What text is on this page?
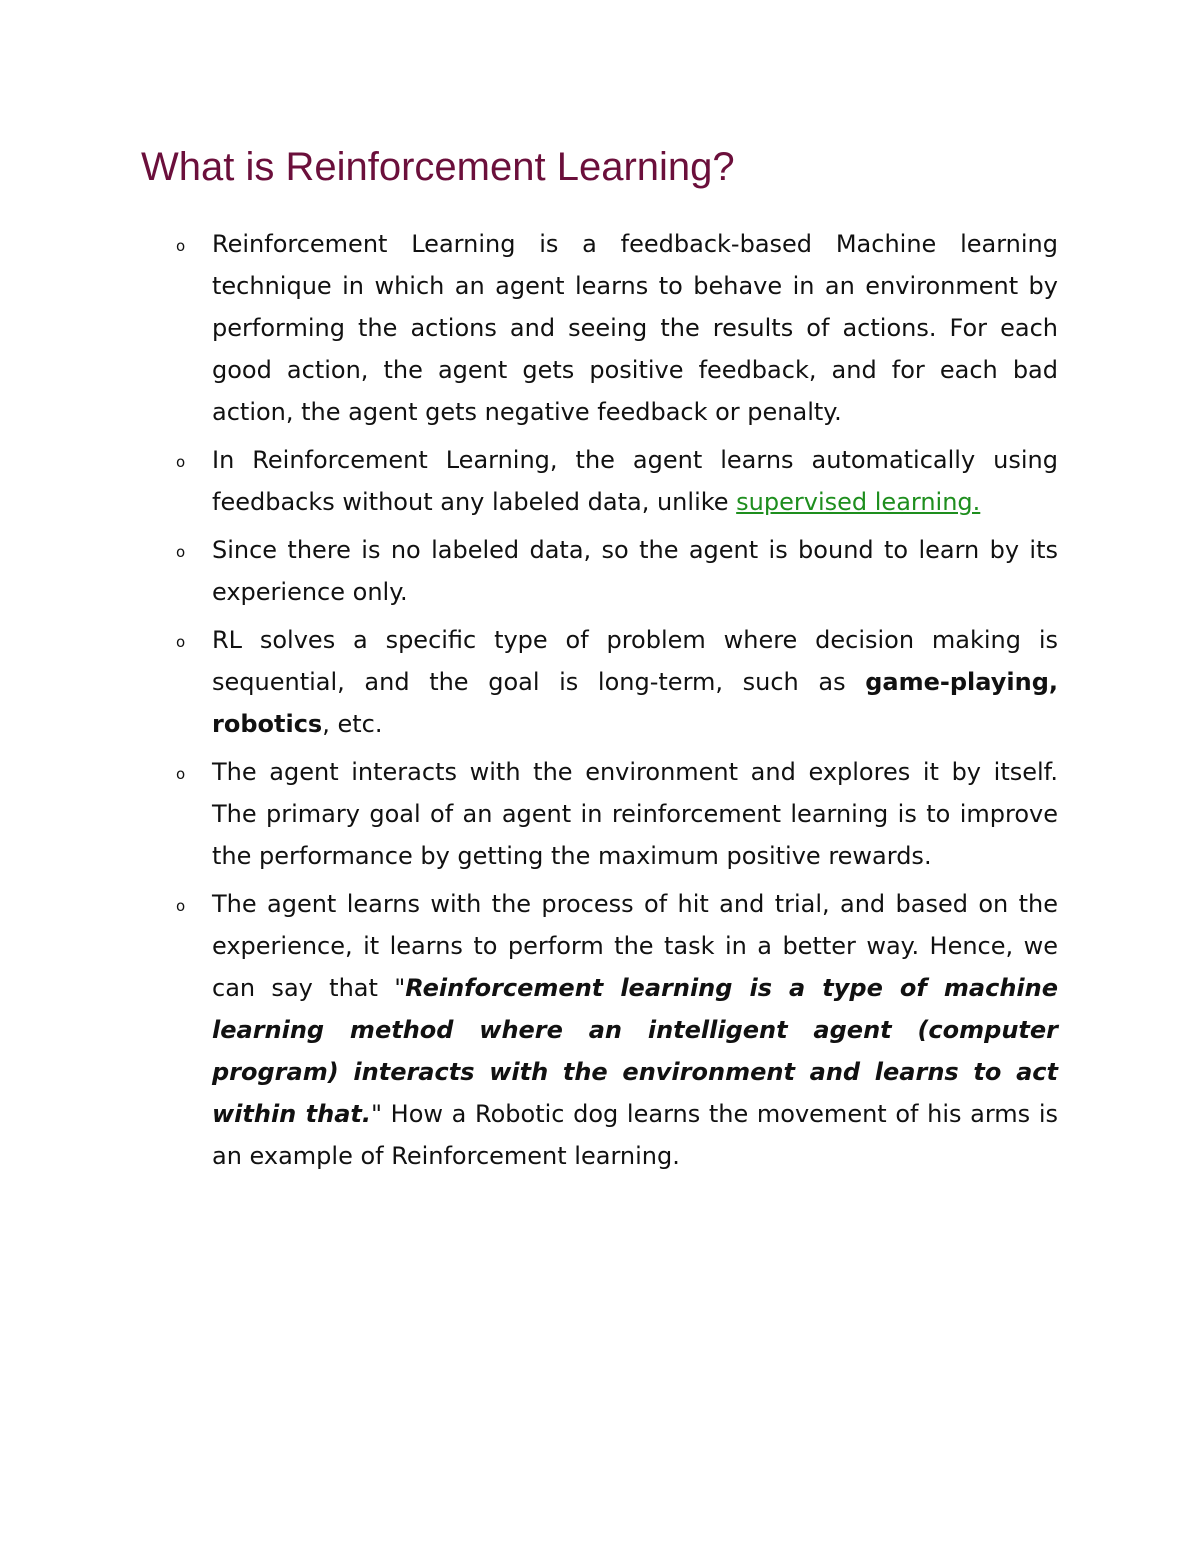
What is Reinforcement Learning?
o Reinforcement Learning is a feedback-based Machine learning technique in which an agent learns to behave in an environment by performing the actions and seeing the results of actions. For each good action, the agent gets positive feedback, and for each bad action, the agent gets negative feedback or penalty.
o In Reinforcement Learning, the agent learns automatically using feedbacks without any labeled data, unlike supervised learning.
o Since there is no labeled data, so the agent is bound to learn by its experience only.
o RL solves a specific type of problem where decision making is sequential, and the goal is long-term, such as game-playing, robotics, etc.
o The agent interacts with the environment and explores it by itself. The primary goal of an agent in reinforcement learning is to improve the performance by getting the maximum positive rewards.
o The agent learns with the process of hit and trial, and based on the experience, it learns to perform the task in a better way. Hence, we can say that "Reinforcement learning is a type of machine learning method where an intelligent agent (computer program) interacts with the environment and learns to act within that." How a Robotic dog learns the movement of his arms is an example of Reinforcement learning.
